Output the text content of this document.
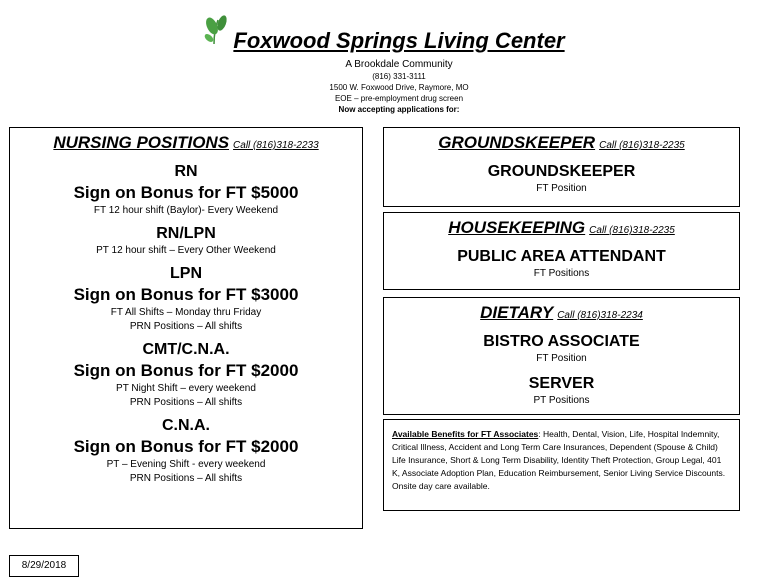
Foxwood Springs Living Center
A Brookdale Community
(816) 331-3111
1500 W. Foxwood Drive, Raymore, MO
EOE – pre-employment drug screen
Now accepting applications for:
NURSING POSITIONS Call (816)318-2233
RN
Sign on Bonus for FT $5000
FT 12 hour shift (Baylor)- Every Weekend
RN/LPN
PT 12 hour shift – Every Other Weekend
LPN
Sign on Bonus for FT $3000
FT All Shifts – Monday thru Friday
PRN Positions – All shifts
CMT/C.N.A.
Sign on Bonus for FT $2000
PT Night Shift – every weekend
PRN Positions – All shifts
C.N.A.
Sign on Bonus for FT $2000
PT – Evening Shift - every weekend
PRN Positions – All shifts
GROUNDSKEEPER Call (816)318-2235
GROUNDSKEEPER
FT Position
HOUSEKEEPING Call (816)318-2235
PUBLIC AREA ATTENDANT
FT Positions
DIETARY Call (816)318-2234
BISTRO ASSOCIATE
FT Position
SERVER
PT Positions
Available Benefits for FT Associates: Health, Dental, Vision, Life, Hospital Indemnity, Critical Illness, Accident and Long Term Care Insurances, Dependent (Spouse & Child) Life Insurance, Short & Long Term Disability, Identity Theft Protection, Group Legal, 401 K, Associate Adoption Plan, Education Reimbursement, Senior Living Service Discounts. Onsite day care available.
8/29/2018
